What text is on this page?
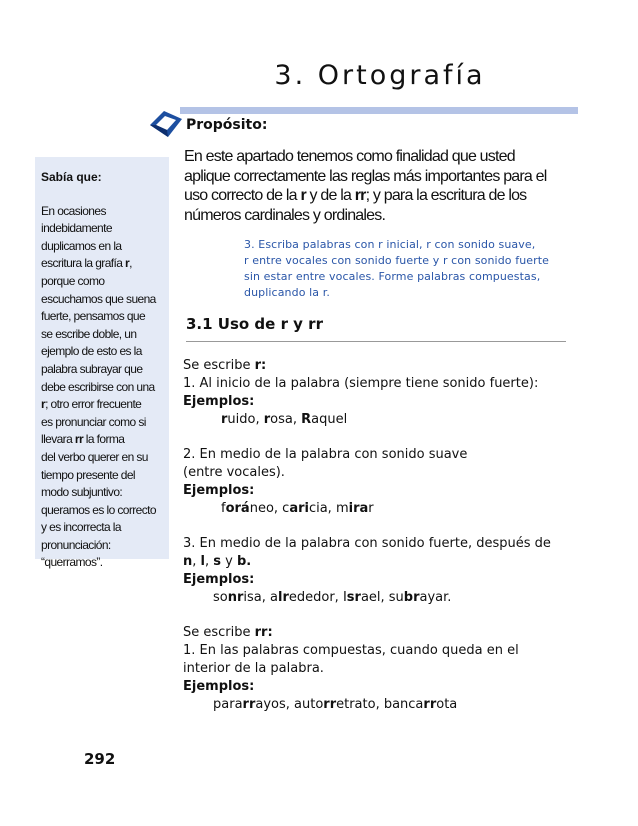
3. Ortografía
Propósito:
Sabía que:
En ocasiones
indebidamente
duplicamos en la
escritura la grafía r,
porque como
escuchamos que suena
fuerte, pensamos que
se escribe doble, un
ejemplo de esto es la
palabra subrayar que
debe escribirse con una
r; otro error frecuente
es pronunciar como si
llevara rr la forma
del verbo querer en su
tiempo presente del
modo subjuntivo:
queramos es lo correcto
y es incorrecta la
pronunciación:
“querramos”.
En este apartado tenemos como finalidad que usted aplique correctamente las reglas más importantes para el uso correcto de la r y de la rr; y para la escritura de los números cardinales y ordinales.
3. Escriba palabras con r inicial, r con sonido suave,
r entre vocales con sonido fuerte y r con sonido fuerte
sin estar entre vocales. Forme palabras compuestas,
duplicando la r.
3.1 Uso de r y rr
Se escribe r:
1. Al inicio de la palabra (siempre tiene sonido fuerte):
Ejemplos:
ruido, rosa, Raquel
2. En medio de la palabra con sonido suave
(entre vocales).
Ejemplos:
foráneo, caricia, mirar
3. En medio de la palabra con sonido fuerte, después de
n, l, s y b.
Ejemplos:
sonrisa, alrededor, Israel, subrayar.
Se escribe rr:
1. En las palabras compuestas, cuando queda en el
interior de la palabra.
Ejemplos:
pararrayos, autorretrato, bancarrota
292
